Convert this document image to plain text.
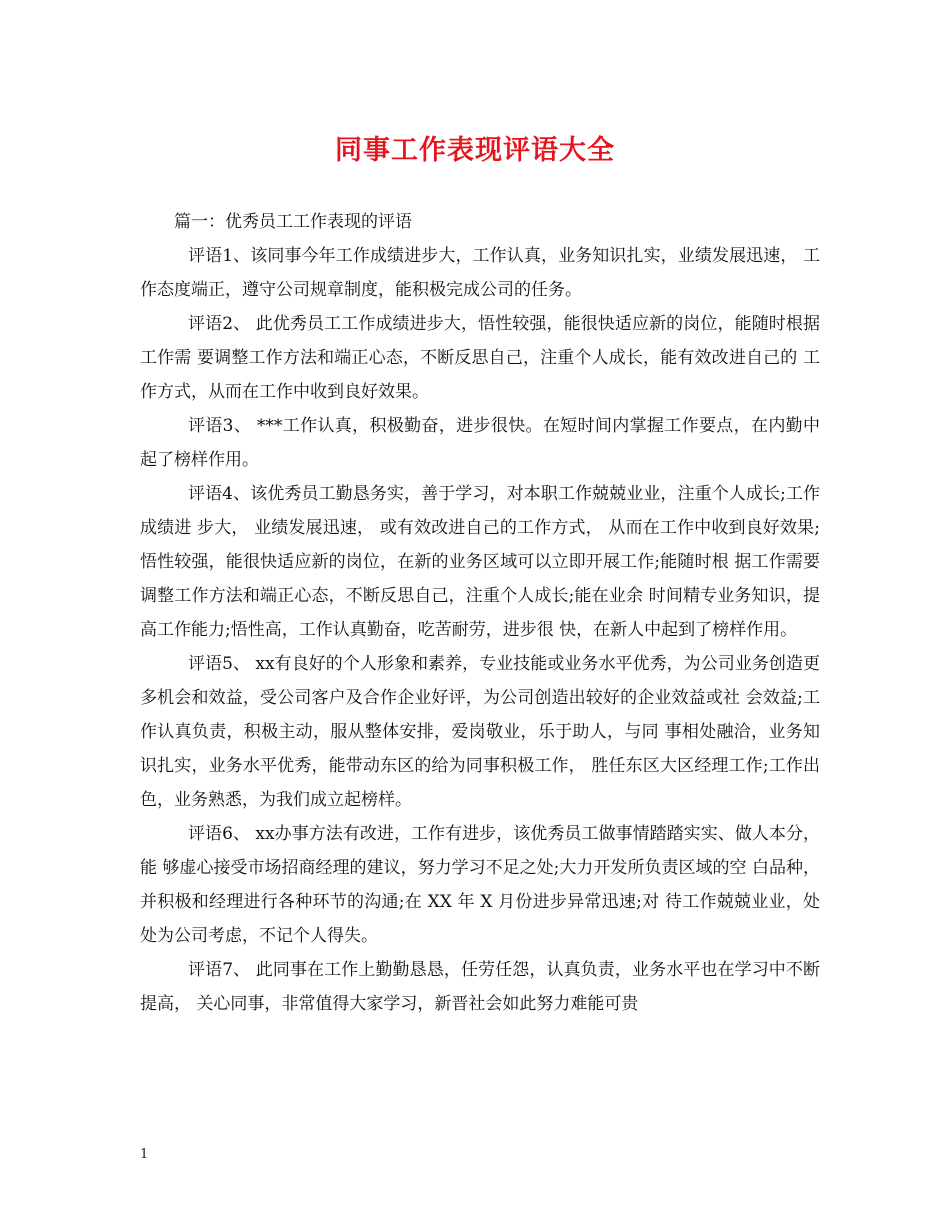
同事工作表现评语大全

篇一：优秀员工工作表现的评语

评语1、该同事今年工作成绩进步大，工作认真，业务知识扎实，业绩发展迅速， 工作态度端正，遵守公司规章制度，能积极完成公司的任务。

评语2、 此优秀员工工作成绩进步大，悟性较强，能很快适应新的岗位，能随时根据工作需 要调整工作方法和端正心态，不断反思自己，注重个人成长，能有效改进自己的 工作方式，从而在工作中收到良好效果。

评语3、 ***工作认真，积极勤奋，进步很快。在短时间内掌握工作要点，在内勤中 起了榜样作用。

评语4、该优秀员工勤恳务实，善于学习，对本职工作兢兢业业，注重个人成长;工作成绩进 步大， 业绩发展迅速， 或有效改进自己的工作方式， 从而在工作中收到良好效果; 悟性较强，能很快适应新的岗位，在新的业务区域可以立即开展工作;能随时根 据工作需要调整工作方法和端正心态，不断反思自己，注重个人成长;能在业余 时间精专业务知识，提高工作能力;悟性高，工作认真勤奋，吃苦耐劳，进步很 快，在新人中起到了榜样作用。

评语5、 xx有良好的个人形象和素养，专业技能或业务水平优秀，为公司业务创造更 多机会和效益，受公司客户及合作企业好评，为公司创造出较好的企业效益或社 会效益;工作认真负责，积极主动，服从整体安排，爱岗敬业，乐于助人，与同 事相处融洽，业务知识扎实，业务水平优秀，能带动东区的给为同事积极工作， 胜任东区大区经理工作;工作出色，业务熟悉，为我们成立起榜样。

评语6、 xx办事方法有改进，工作有进步，该优秀员工做事情踏踏实实、做人本分，能 够虚心接受市场招商经理的建议，努力学习不足之处;大力开发所负责区域的空 白品种，并积极和经理进行各种环节的沟通;在 XX 年 X 月份进步异常迅速;对 待工作兢兢业业，处处为公司考虑，不记个人得失。

评语7、 此同事在工作上勤勤恳恳，任劳任怨，认真负责，业务水平也在学习中不断提高， 关心同事，非常值得大家学习，新晋社会如此努力难能可贵

1
